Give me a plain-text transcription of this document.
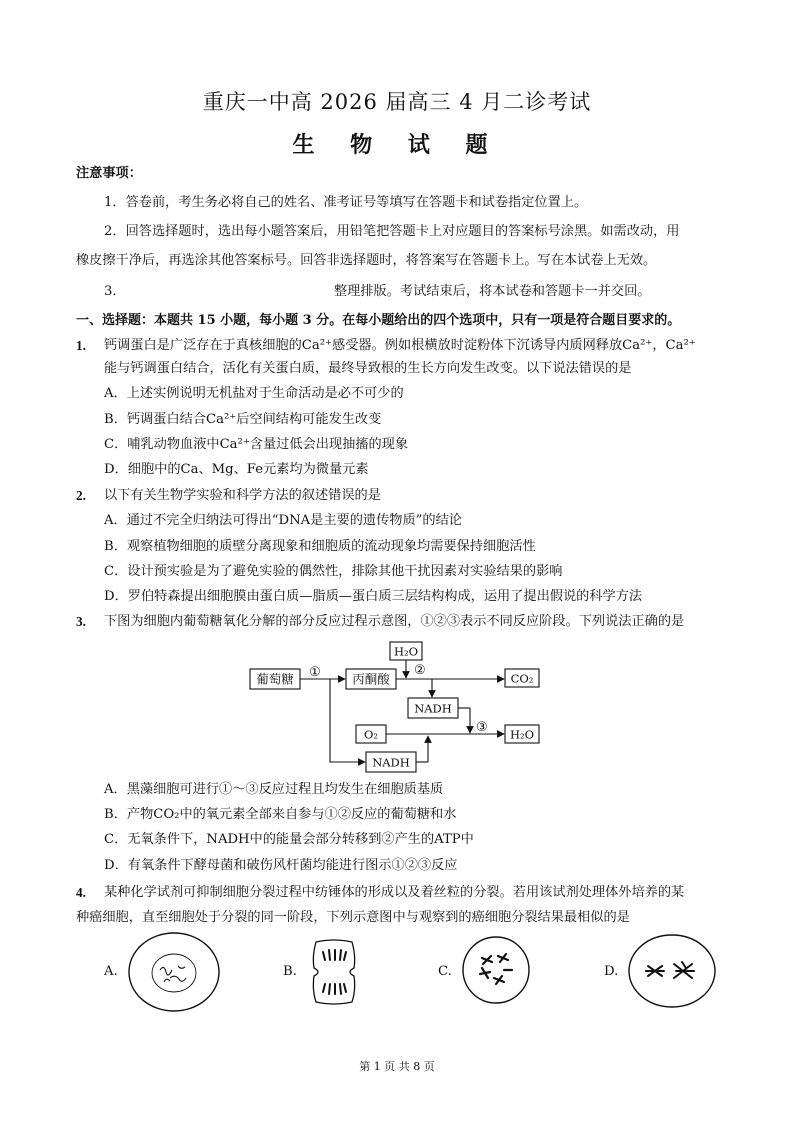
重庆一中高 2026 届高三 4 月二诊考试
生 物 试 题
注意事项：
1．答卷前，考生务必将自己的姓名、准考证号等填写在答题卡和试卷指定位置上。
2．回答选择题时，选出每小题答案后，用铅笔把答题卡上对应题目的答案标号涂黑。如需改动，用
橡皮擦干净后，再选涂其他答案标号。回答非选择题时，将答案写在答题卡上。写在本试卷上无效。
3．	整理排版。考试结束后，将本试卷和答题卡一并交回。
一、选择题：本题共 15 小题，每小题 3 分。在每小题给出的四个选项中，只有一项是符合题目要求的。
1. 钙调蛋白是广泛存在于真核细胞的Ca²⁺感受器。例如根横放时淀粉体下沉诱导内质网释放Ca²⁺，Ca²⁺
能与钙调蛋白结合，活化有关蛋白质，最终导致根的生长方向发生改变。以下说法错误的是
A．上述实例说明无机盐对于生命活动是必不可少的
B．钙调蛋白结合Ca²⁺后空间结构可能发生改变
C．哺乳动物血液中Ca²⁺含量过低会出现抽搐的现象
D．细胞中的Ca、Mg、Fe元素均为微量元素
2. 以下有关生物学实验和科学方法的叙述错误的是
A．通过不完全归纳法可得出“DNA是主要的遗传物质”的结论
B．观察植物细胞的质壁分离现象和细胞质的流动现象均需要保持细胞活性
C．设计预实验是为了避免实验的偶然性，排除其他干扰因素对实验结果的影响
D．罗伯特森提出细胞膜由蛋白质—脂质—蛋白质三层结构构成，运用了提出假说的科学方法
3. 下图为细胞内葡萄糖氧化分解的部分反应过程示意图，①②③表示不同反应阶段。下列说法正确的是
葡萄糖	丙酮酸
H₂O
CO₂
NADH
O₂	H₂O
NADH
①	②
③
A．黑藻细胞可进行①～③反应过程且均发生在细胞质基质
B．产物CO₂中的氧元素全部来自参与①②反应的葡萄糖和水
C．无氧条件下，NADH中的能量会部分转移到②产生的ATP中
D．有氧条件下酵母菌和破伤风杆菌均能进行图示①②③反应
4. 某种化学试剂可抑制细胞分裂过程中纺锤体的形成以及着丝粒的分裂。若用该试剂处理体外培养的某
种癌细胞，直至细胞处于分裂的同一阶段，下列示意图中与观察到的癌细胞分裂结果最相似的是
A.	B.	C.	D.
第 1 页 共 8 页
